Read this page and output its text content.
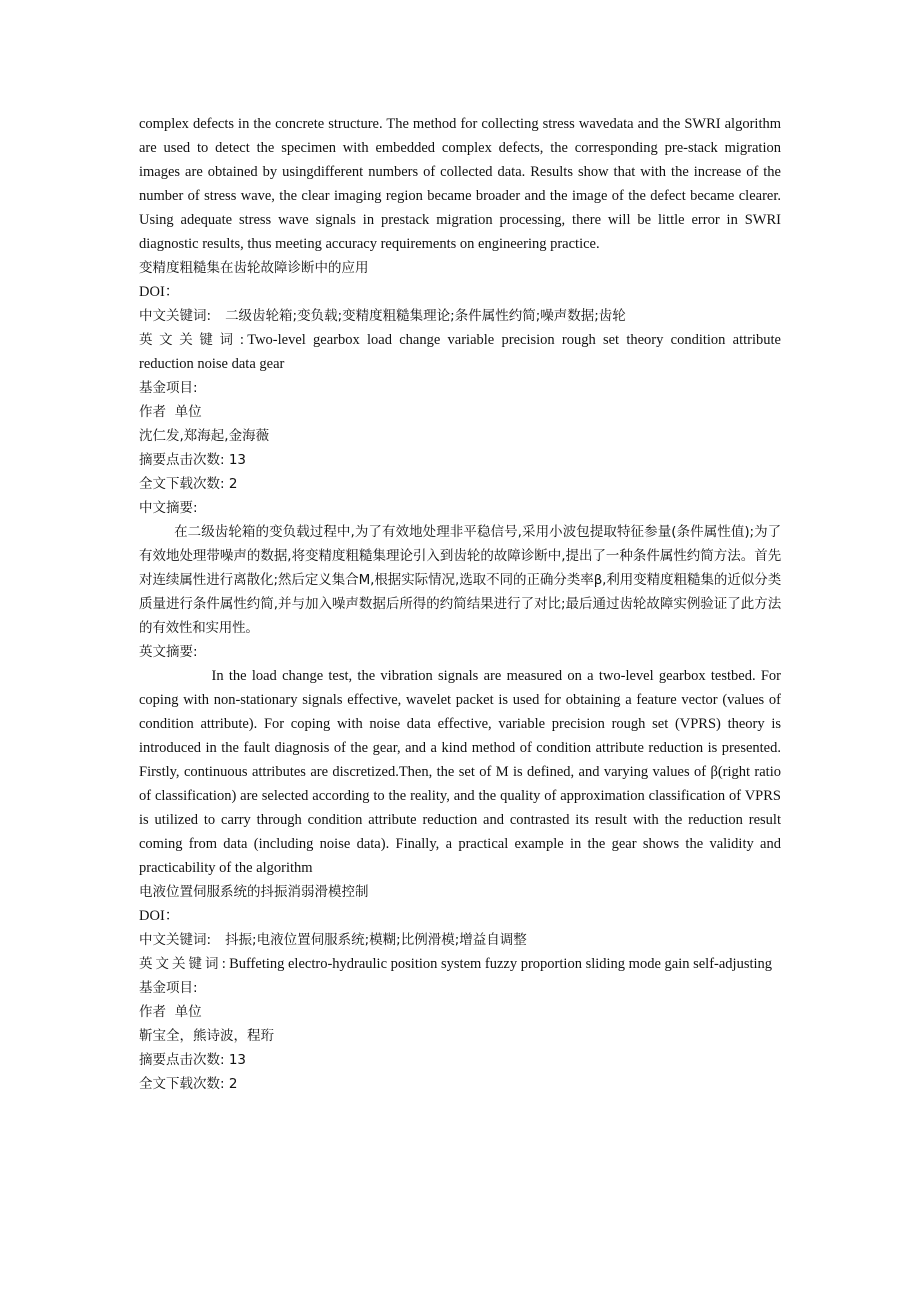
complex defects in the concrete structure. The method for collecting stress wavedata and the SWRI algorithm are used to detect the specimen with embedded complex defects, the corresponding pre-stack migration images are obtained by usingdifferent numbers of collected data. Results show that with the increase of the number of stress wave, the clear imaging region became broader and the image of the defect became clearer. Using adequate stress wave signals in prestack migration processing, there will be little error in SWRI diagnostic results, thus meeting accuracy requirements on engineering practice.

变精度粗糙集在齿轮故障诊断中的应用

DOI：

中文关键词: 二级齿轮箱;变负载;变精度粗糙集理论;条件属性约简;噪声数据;齿轮

英文关键词:Two-level gearbox load change variable precision rough set theory condition attribute reduction noise data gear

基金项目:

作者  单位

沈仁发,郑海起,金海薇

摘要点击次数: 13

全文下载次数: 2

中文摘要:

在二级齿轮箱的变负载过程中,为了有效地处理非平稳信号,采用小波包提取特征参量(条件属性值);为了有效地处理带噪声的数据,将变精度粗糙集理论引入到齿轮的故障诊断中,提出了一种条件属性约简方法。首先对连续属性进行离散化;然后定义集合M,根据实际情况,选取不同的正确分类率β,利用变精度粗糙集的近似分类质量进行条件属性约简,并与加入噪声数据后所得的约简结果进行了对比;最后通过齿轮故障实例验证了此方法的有效性和实用性。

英文摘要:

In the load change test, the vibration signals are measured on a two-level gearbox testbed. For coping with non-stationary signals effective, wavelet packet is used for obtaining a feature vector (values of condition attribute). For coping with noise data effective, variable precision rough set (VPRS) theory is introduced in the fault diagnosis of the gear, and a kind method of condition attribute reduction is presented. Firstly, continuous attributes are discretized.Then, the set of M is defined, and varying values of β(right ratio of classification) are selected according to the reality, and the quality of approximation classification of VPRS is utilized to carry through condition attribute reduction and contrasted its result with the reduction result coming from data (including noise data). Finally, a practical example in the gear shows the validity and practicability of the algorithm

电液位置伺服系统的抖振消弱滑模控制

DOI：

中文关键词: 抖振;电液位置伺服系统;模糊;比例滑模;增益自调整

英文关键词:Buffeting electro-hydraulic position system fuzzy proportion sliding mode gain self-adjusting

基金项目:

作者  单位

靳宝全，熊诗波，程珩

摘要点击次数: 13

全文下载次数: 2
